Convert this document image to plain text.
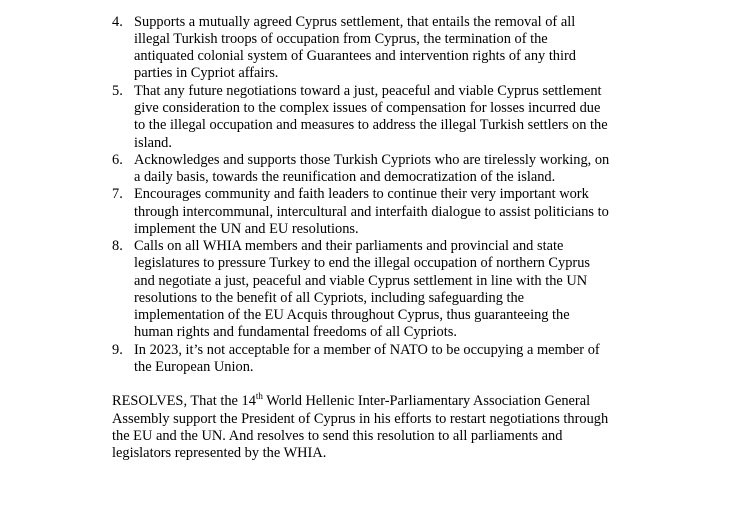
4. Supports a mutually agreed Cyprus settlement, that entails the removal of all
illegal Turkish troops of occupation from Cyprus, the termination of the
antiquated colonial system of Guarantees and intervention rights of any third
parties in Cypriot affairs.
5. That any future negotiations toward a just, peaceful and viable Cyprus settlement
give consideration to the complex issues of compensation for losses incurred due
to the illegal occupation and measures to address the illegal Turkish settlers on the
island.
6. Acknowledges and supports those Turkish Cypriots who are tirelessly working, on
a daily basis, towards the reunification and democratization of the island.
7. Encourages community and faith leaders to continue their very important work
through intercommunal, intercultural and interfaith dialogue to assist politicians to
implement the UN and EU resolutions.
8. Calls on all WHIA members and their parliaments and provincial and state
legislatures to pressure Turkey to end the illegal occupation of northern Cyprus
and negotiate a just, peaceful and viable Cyprus settlement in line with the UN
resolutions to the benefit of all Cypriots, including safeguarding the
implementation of the EU Acquis throughout Cyprus, thus guaranteeing the
human rights and fundamental freedoms of all Cypriots.
9. In 2023, it’s not acceptable for a member of NATO to be occupying a member of
the European Union.
RESOLVES, That the 14th World Hellenic Inter-Parliamentary Association General
Assembly support the President of Cyprus in his efforts to restart negotiations through
the EU and the UN. And resolves to send this resolution to all parliaments and
legislators represented by the WHIA.
